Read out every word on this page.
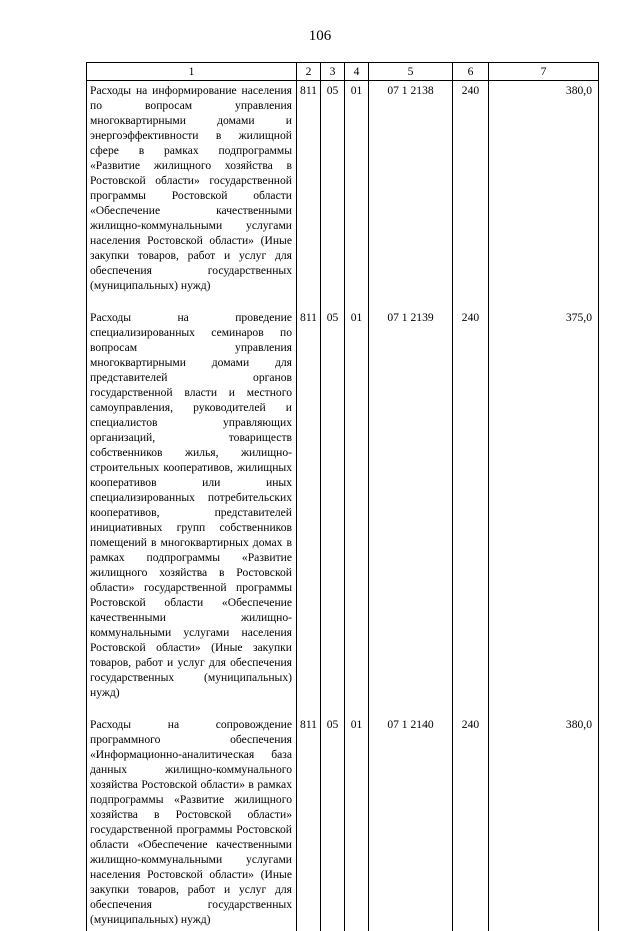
106
1	2	3	4	5	6	7
Расходы на информирование населения по вопросам управления многоквартирными домами и энергоэффективности в жилищной сфере в рамках подпрограммы «Развитие жилищного хозяйства в Ростовской области» государственной программы Ростовской области «Обеспечение качественными жилищно-коммунальными услугами населения Ростовской области» (Иные закупки товаров, работ и услуг для обеспечения государственных (муниципальных) нужд)	811	05	01	07 1 2138	240	380,0
Расходы на проведение специализированных семинаров по вопросам управления многоквартирными домами для представителей органов государственной власти и местного самоуправления, руководителей и специалистов управляющих организаций, товариществ собственников жилья, жилищно-строительных кооперативов, жилищных кооперативов или иных специализированных потребительских кооперативов, представителей инициативных групп собственников помещений в многоквартирных домах в рамках подпрограммы «Развитие жилищного хозяйства в Ростовской области» государственной программы Ростовской области «Обеспечение качественными жилищно-коммунальными услугами населения Ростовской области» (Иные закупки товаров, работ и услуг для обеспечения государственных (муниципальных) нужд)	811	05	01	07 1 2139	240	375,0
Расходы на сопровождение программного обеспечения «Информационно-аналитическая база данных жилищно-коммунального хозяйства Ростовской области» в рамках подпрограммы «Развитие жилищного хозяйства в Ростовской области» государственной программы Ростовской области «Обеспечение качественными жилищно-коммунальными услугами населения Ростовской области» (Иные закупки товаров, работ и услуг для обеспечения государственных (муниципальных) нужд)	811	05	01	07 1 2140	240	380,0
